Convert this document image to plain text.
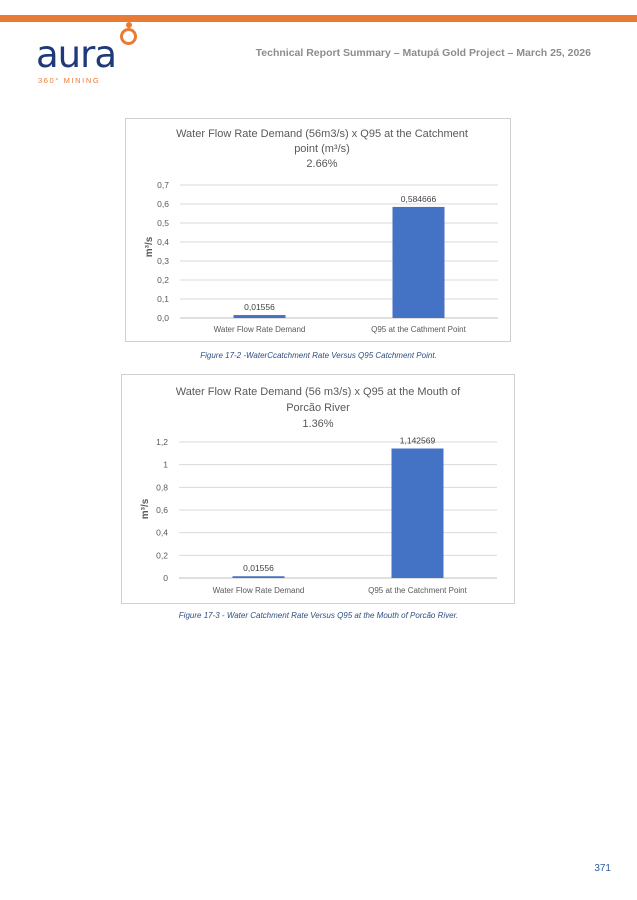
aura
360° MINING
Technical Report Summary – Matupá Gold Project – March 25, 2026
Water Flow Rate Demand (56m3/s) x Q95 at the Catchment
point (m³/s)
2.66%
0,0
0,1
0,2
0,3
0,4
0,5
0,6
0,7
m³/s
0,01556
Water Flow Rate Demand
0,584666
Q95 at the Cathment Point
Figure 17-2 -WaterCcatchment Rate Versus Q95 Catchment Point.
Water Flow Rate Demand (56 m3/s) x Q95 at the Mouth of
Porcão River
1.36%
0
0,2
0,4
0,6
0,8
1
1,2
m³/s
0,01556
Water Flow Rate Demand
1,142569
Q95 at the Catchment Point
Figure 17-3 - Water Catchment Rate Versus Q95 at the Mouth of Porcão River.
371
